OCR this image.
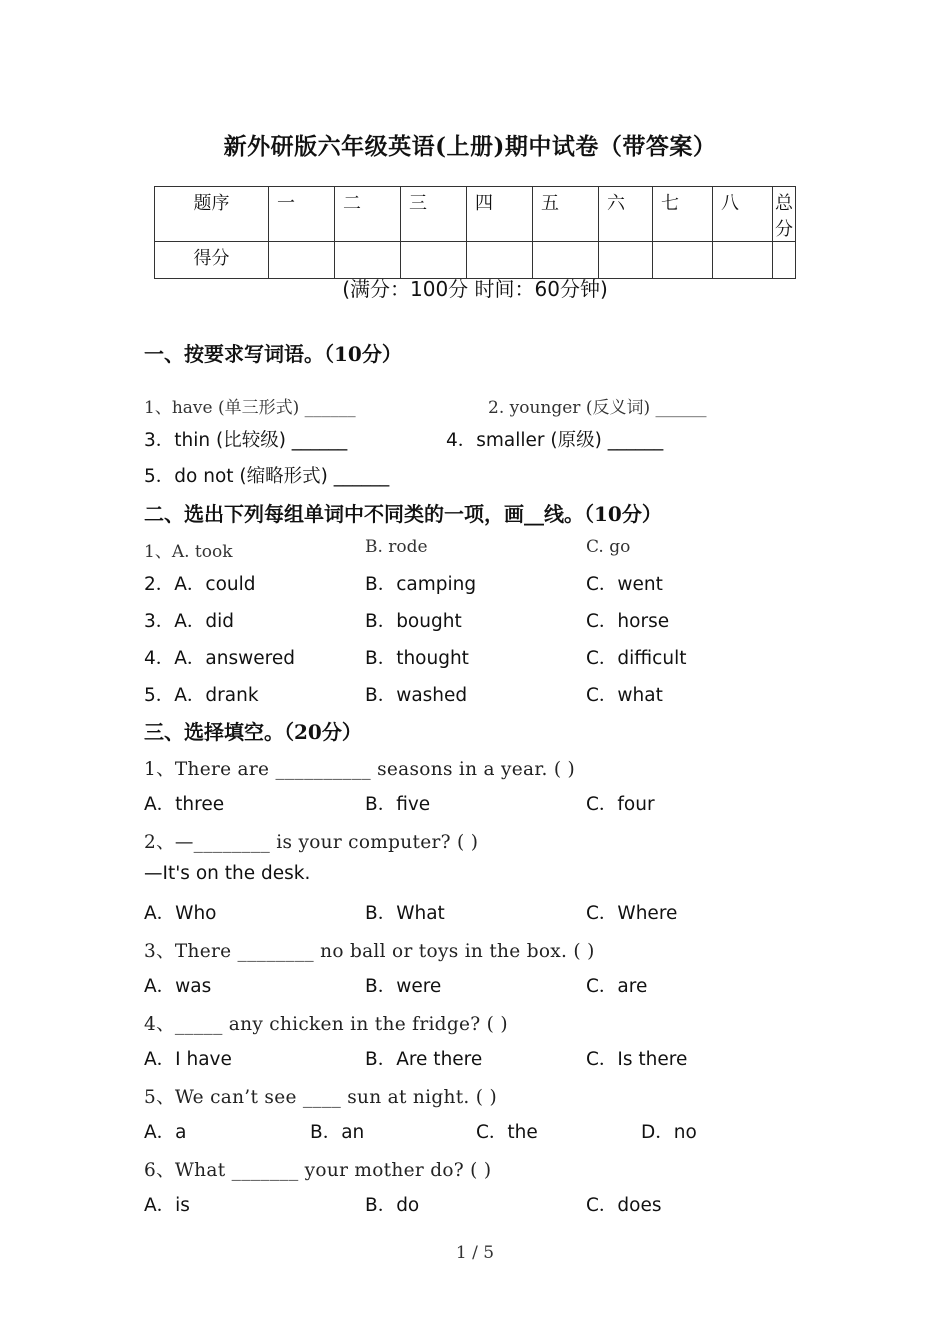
新外研版六年级英语(上册)期中试卷（带答案）
题序	一	二	三	四	五	六	七	八	总分

得分									

(满分：100分 时间：60分钟)
一、按要求写词语。（10分）
1、have (单三形式) ______	2. younger (反义词) ______
3．thin (比较级) ______	4．smaller (原级) ______
5．do not (缩略形式) ______
二、选出下列每组单词中不同类的一项，画__线。（10分）
1、A. took	B. rode	C. go
2．A．could	B．camping	C．went
3．A．did	B．bought	C．horse
4．A．answered	B．thought	C．difficult
5．A．drank	B．washed	C．what
三、选择填空。（20分）
1、There are __________ seasons in a year. ( )
A．three	B．five	C．four
2、—________ is your computer? ( )
—It's on the desk.
A．Who	B．What	C．Where
3、There ________ no ball or toys in the box. ( )
A．was	B．were	C．are
4、_____ any chicken in the fridge? ( )
A．I have	B．Are there	C．Is there
5、We can’t see ____ sun at night. ( )
A．a	B．an	C．the	D．no
6、What _______ your mother do? ( )
A．is	B．do	C．does
1 / 5
